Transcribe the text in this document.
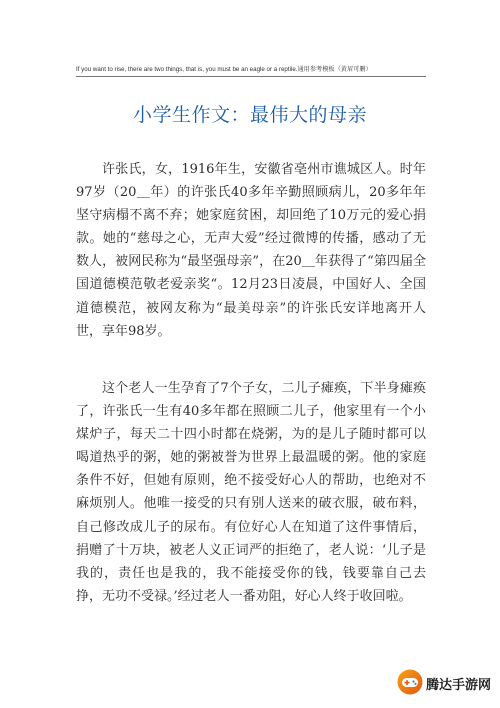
If you want to rise, there are two things, that is, you must be an eagle or a reptile.通用参考模板（黄眉可删）
小学生作文：最伟大的母亲

许张氏，女，1916年生，安徽省亳州市谯城区人。时年97岁（20＿年）的许张氏40多年辛勤照顾病儿，20多年年坚守病榻不离不弃；她家庭贫困，却回绝了10万元的爱心捐款。她的“慈母之心，无声大爱”经过微博的传播，感动了无数人，被网民称为“最坚强母亲”，在20＿年获得了“第四届全国道德模范敬老爱亲奖“。12月23日凌晨，中国好人、全国道德模范，被网友称为“最美母亲”的许张氏安详地离开人世，享年98岁。

这个老人一生孕育了7个子女，二儿子瘫痪，下半身瘫痪了，许张氏一生有40多年都在照顾二儿子，他家里有一个小煤炉子，每天二十四小时都在烧粥，为的是儿子随时都可以喝道热乎的粥，她的粥被誉为世界上最温暖的粥。他的家庭条件不好，但她有原则，绝不接受好心人的帮助，也绝对不麻烦别人。他唯一接受的只有别人送来的破衣服，破布料，自己修改成儿子的尿布。有位好心人在知道了这件事情后，捐赠了十万块，被老人义正词严的拒绝了，老人说：‘儿子是我的，责任也是我的，我不能接受你的钱，钱要靠自己去挣，无功不受禄。’经过老人一番劝阻，好心人终于收回啦。

腾达手游网
